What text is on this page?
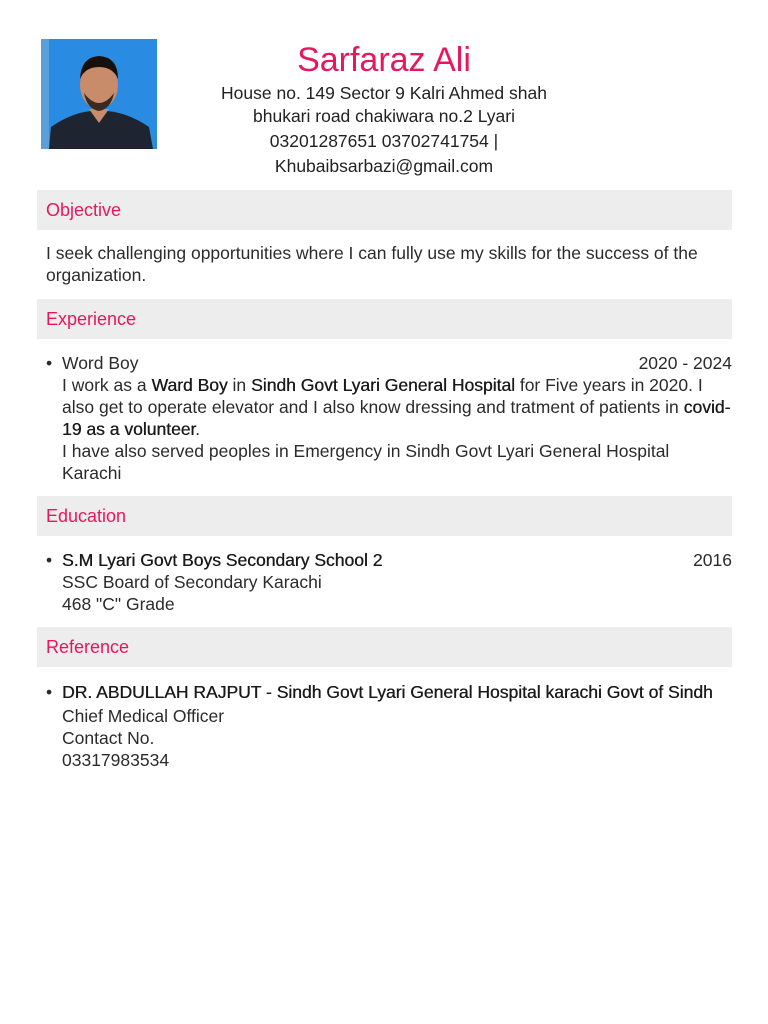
Sarfaraz Ali
House no. 149 Sector 9 Kalri Ahmed shah
bhukari road chakiwara no.2 Lyari
03201287651 03702741754 |
Khubaibsarbazi@gmail.com
Objective
I seek challenging opportunities where I can fully use my skills for the success of the organization.
Experience
• Word Boy	2020 - 2024
I work as a Ward Boy in Sindh Govt Lyari General Hospital for Five years in 2020. I also get to operate elevator and I also know dressing and tratment of patients in covid-19 as a volunteer.
I have also served peoples in Emergency in Sindh Govt Lyari General Hospital Karachi
Education
• S.M Lyari Govt Boys Secondary School 2	2016
SSC Board of Secondary Karachi
468 "C" Grade
Reference
• DR. ABDULLAH RAJPUT - Sindh Govt Lyari General Hospital karachi Govt of Sindh
Chief Medical Officer
Contact No.
03317983534
